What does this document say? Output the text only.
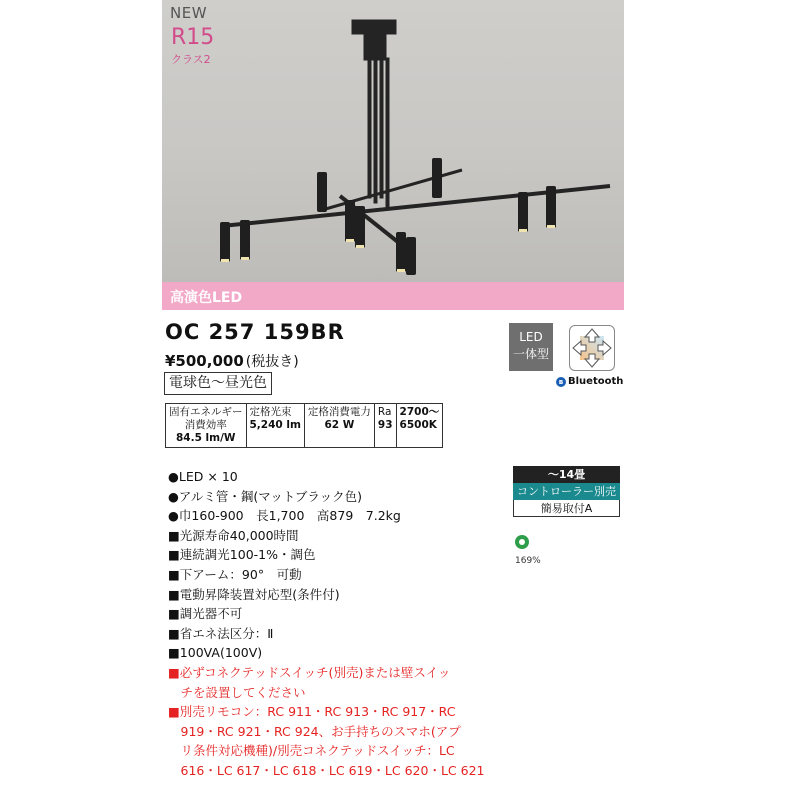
NEW
R15
クラス2
高演色LED
OC 257 159BR
¥500,000 (税抜き)
電球色～昼光色
LED
一体型
ʙ Bluetooth
固有エネルギー
消費効率
84.5 lm/W

定格光束
5,240 lm

定格消費電力
62 W

Ra
93

2700～
6500K
●LED × 10
●アルミ管・鋼(マットブラック色)
●巾160-900　長1,700　高879　7.2kg
■光源寿命40,000時間
■連続調光100-1%・調色
■下アーム：90°　可動
■電動昇降装置対応型(条件付)
■調光器不可
■省エネ法区分：Ⅱ
■100VA(100V)
■必ずコネクテッドスイッチ(別売)または壁スイッ
　チを設置してください
■別売リモコン：RC 911・RC 913・RC 917・RC
　919・RC 921・RC 924、お手持ちのスマホ(アプ
　リ条件対応機種)/別売コネクテッドスイッチ：LC
　616・LC 617・LC 618・LC 619・LC 620・LC 621
～14畳
コントローラー別売
簡易取付A
169%
